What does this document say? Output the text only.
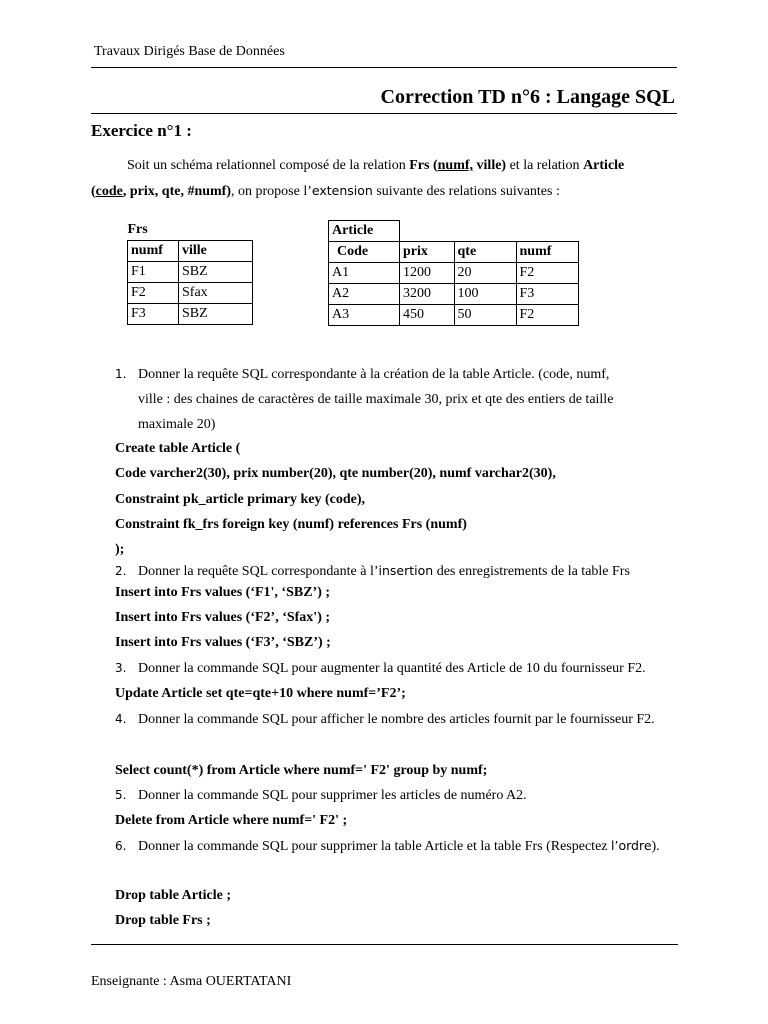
Travaux Dirigés Base de Données
Correction TD n°6 : Langage SQL
Exercice n°1 :

Soit un schéma relationnel composé de la relation Frs (numf, ville) et la relation Article

(code, prix, qte, #numf), on propose l’extension suivante des relations suivantes :

Frs	
numf	ville
F1	SBZ
F2	Sfax
F3	SBZ
Article			
Code	prix	qte	numf
A1	1200	20	F2
A2	3200	100	F3
A3	450	50	F2
1. Donner la requête SQL correspondante à la création de la table Article. (code, numf,
ville : des chaines de caractères de taille maximale 30, prix et qte des entiers de taille
maximale 20)
Create table Article (
Code varcher2(30), prix number(20), qte number(20), numf varchar2(30),
Constraint pk_article primary key (code),
Constraint fk_frs foreign key (numf) references Frs (numf)
);
2. Donner la requête SQL correspondante à l’insertion des enregistrements de la table Frs
Insert into Frs values (‘F1', ‘SBZ’) ;
Insert into Frs values (‘F2’, ‘Sfax') ;
Insert into Frs values (‘F3’, ‘SBZ’) ;
3. Donner la commande SQL pour augmenter la quantité des Article de 10 du fournisseur F2.
Update Article set qte=qte+10 where numf=’F2’;
4. Donner la commande SQL pour afficher le nombre des articles fournit par le fournisseur F2.
Select count(*) from Article where numf=' F2' group by numf;
5. Donner la commande SQL pour supprimer les articles de numéro A2.
Delete from Article where numf=' F2' ;
6. Donner la commande SQL pour supprimer la table Article et la table Frs (Respectez l’ordre).
Drop table Article ;
Drop table Frs ;
Enseignante : Asma OUERTATANI
